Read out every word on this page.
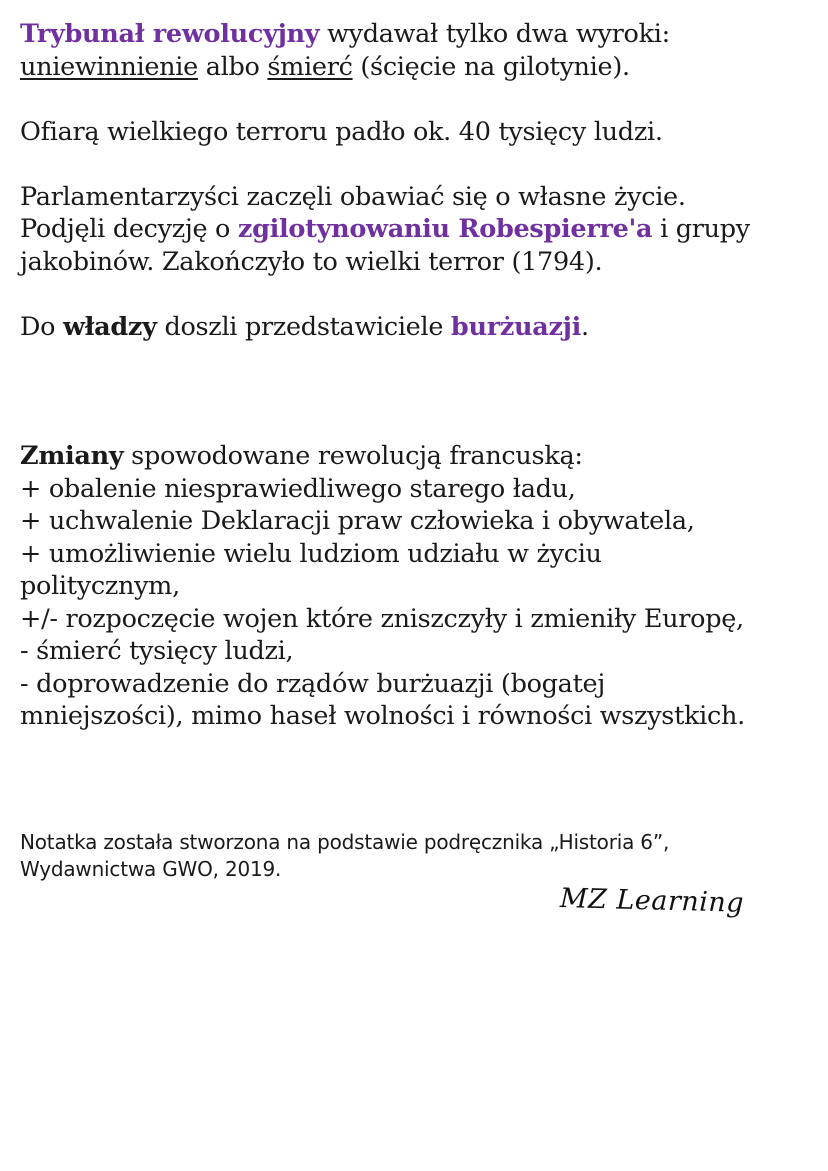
Trybunał rewolucyjny wydawał tylko dwa wyroki:

uniewinnienie albo śmierć (ścięcie na gilotynie).

Ofiarą wielkiego terroru padło ok. 40 tysięcy ludzi.

Parlamentarzyści zaczęli obawiać się o własne życie.

Podjęli decyzję o zgilotynowaniu Robespierre'a i grupy

jakobinów. Zakończyło to wielki terror (1794).

Do władzy doszli przedstawiciele burżuazji.

Zmiany spowodowane rewolucją francuską:

+ obalenie niesprawiedliwego starego ładu,

+ uchwalenie Deklaracji praw człowieka i obywatela,

+ umożliwienie wielu ludziom udziału w życiu

politycznym,

+/- rozpoczęcie wojen które zniszczyły i zmieniły Europę,

- śmierć tysięcy ludzi,

- doprowadzenie do rządów burżuazji (bogatej

mniejszości), mimo haseł wolności i równości wszystkich.

Notatka została stworzona na podstawie podręcznika „Historia 6”,
Wydawnictwa GWO, 2019.
MZ Learning
